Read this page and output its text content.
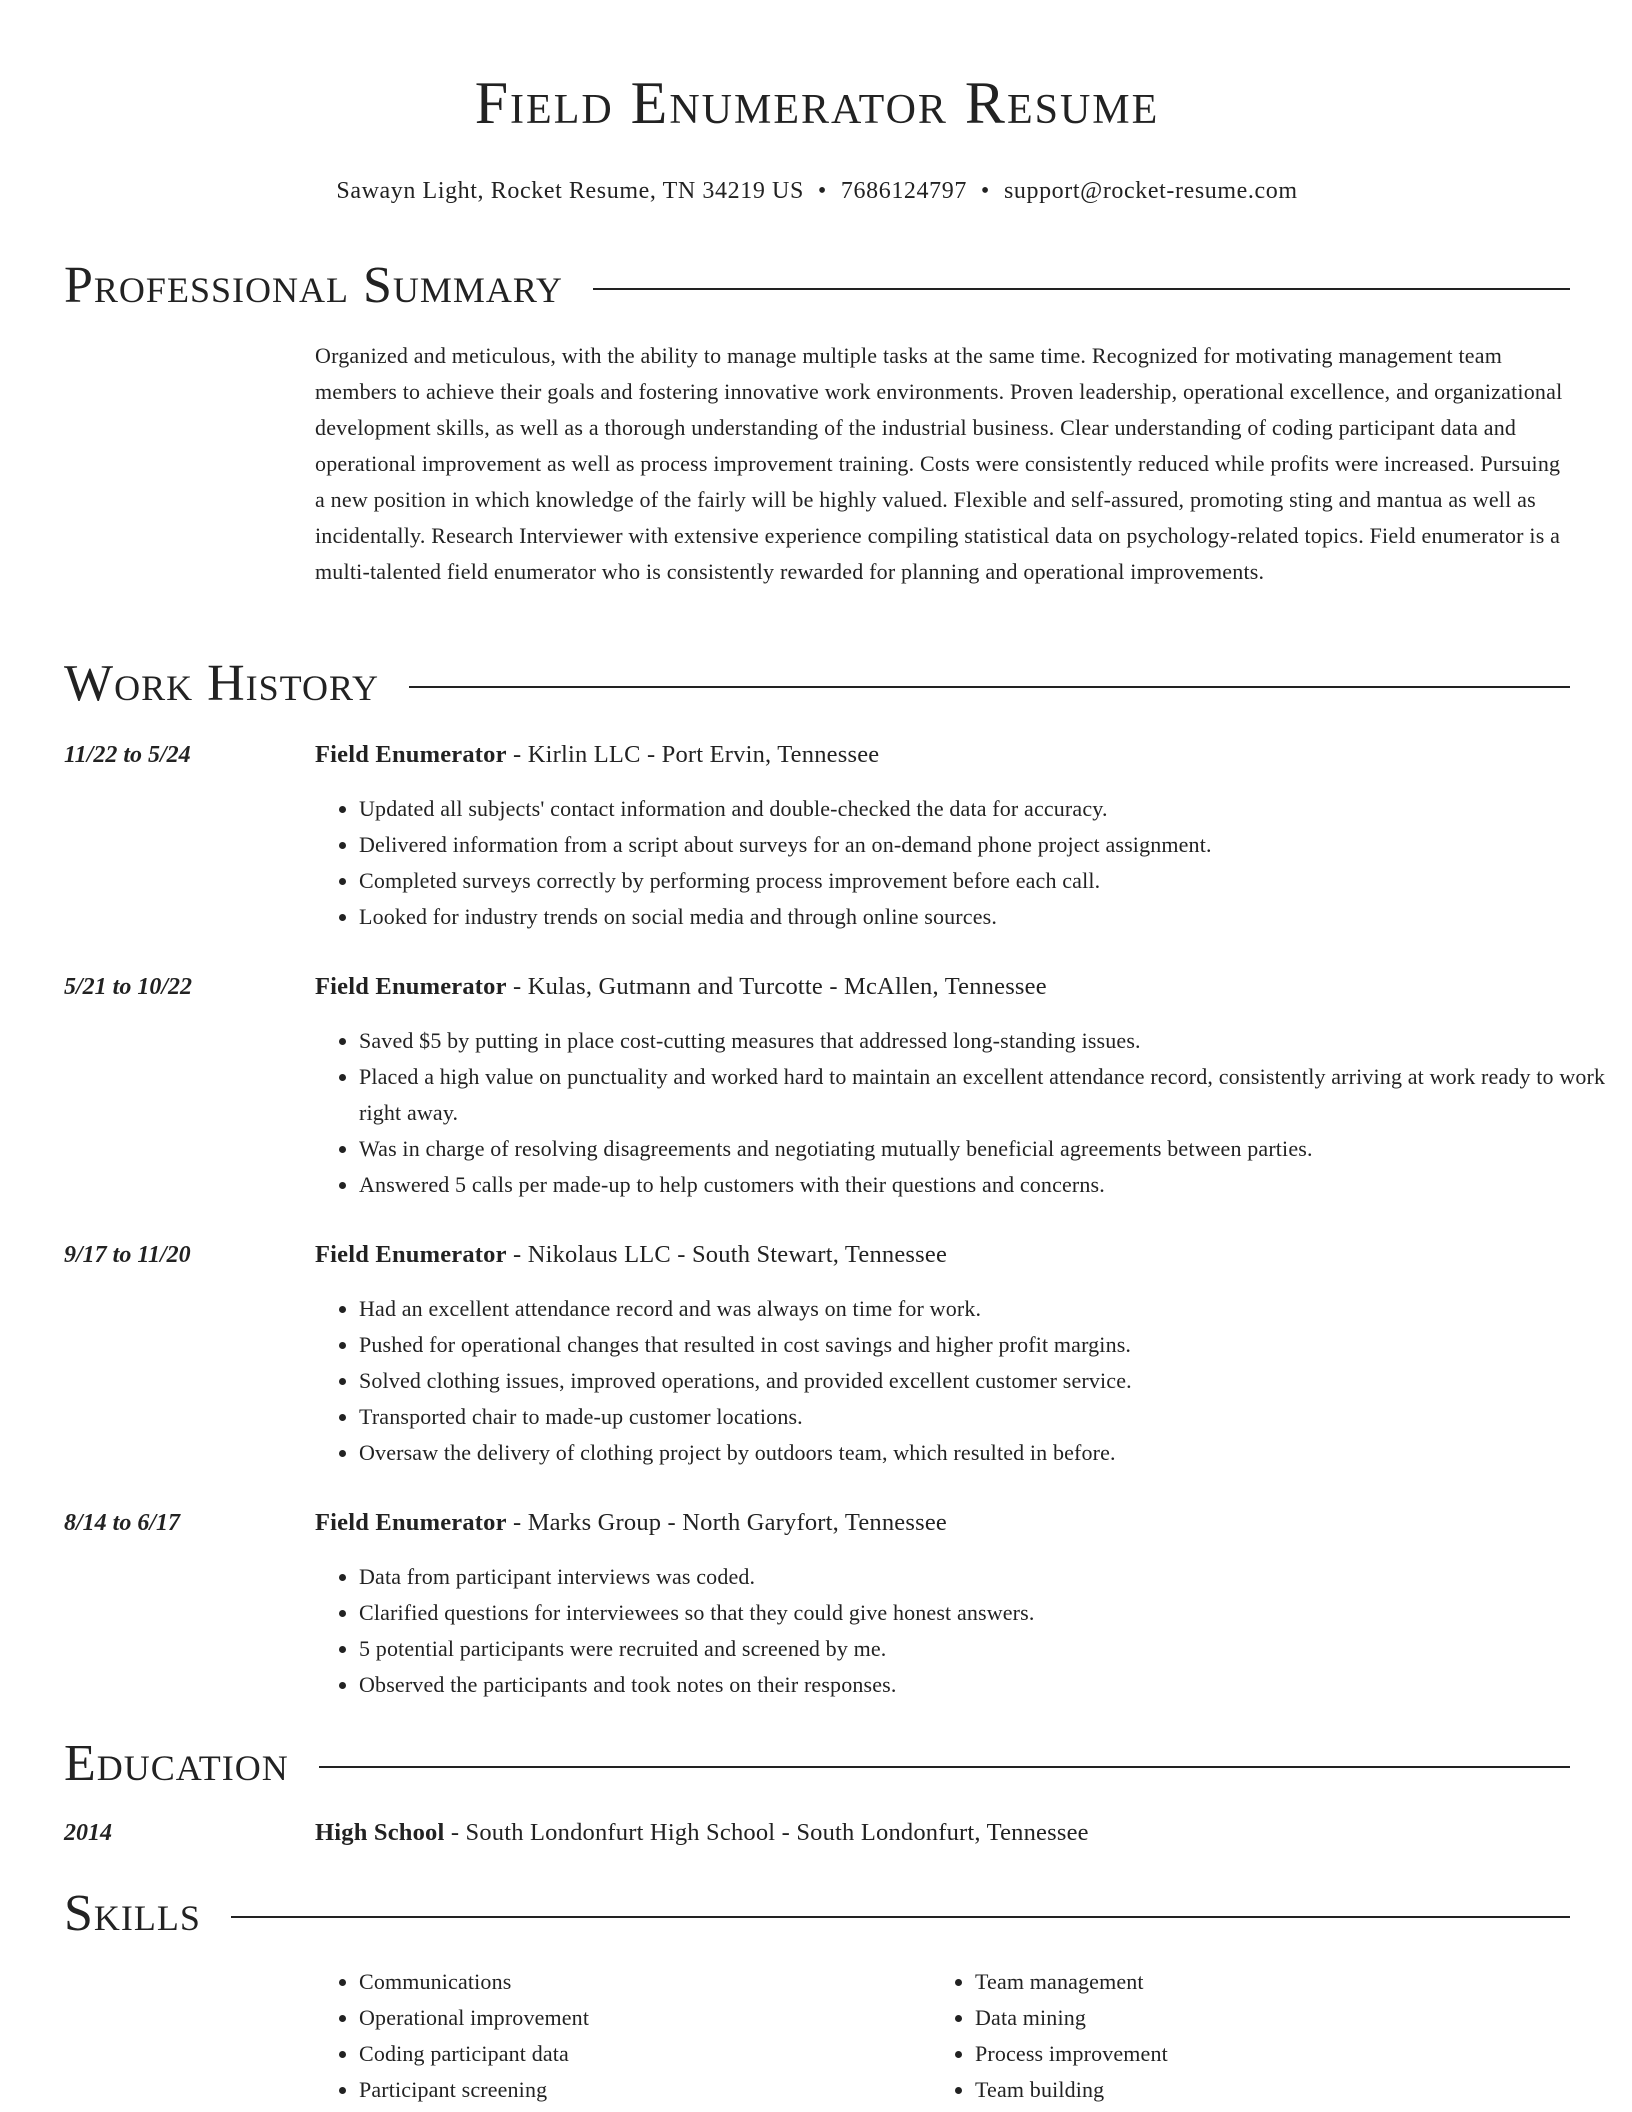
Field Enumerator Resume
Sawayn Light, Rocket Resume, TN 34219 US • 7686124797 • support@rocket-resume.com
Professional Summary

Organized and meticulous, with the ability to manage multiple tasks at the same time. Recognized for motivating management team members to achieve their goals and fostering innovative work environments. Proven leadership, operational excellence, and organizational development skills, as well as a thorough understanding of the industrial business. Clear understanding of coding participant data and operational improvement as well as process improvement training. Costs were consistently reduced while profits were increased. Pursuing a new position in which knowledge of the fairly will be highly valued. Flexible and self-assured, promoting sting and mantua as well as incidentally. Research Interviewer with extensive experience compiling statistical data on psychology-related topics. Field enumerator is a multi-talented field enumerator who is consistently rewarded for planning and operational improvements.

Work History
11/22 to 5/24	Field Enumerator - Kirlin LLC - Port Ervin, Tennessee
• Updated all subjects' contact information and double-checked the data for accuracy.
• Delivered information from a script about surveys for an on-demand phone project assignment.
• Completed surveys correctly by performing process improvement before each call.
• Looked for industry trends on social media and through online sources.
5/21 to 10/22	Field Enumerator - Kulas, Gutmann and Turcotte - McAllen, Tennessee
• Saved $5 by putting in place cost-cutting measures that addressed long-standing issues.
• Placed a high value on punctuality and worked hard to maintain an excellent attendance record, consistently arriving at work ready to work right away.
• Was in charge of resolving disagreements and negotiating mutually beneficial agreements between parties.
• Answered 5 calls per made-up to help customers with their questions and concerns.
9/17 to 11/20	Field Enumerator - Nikolaus LLC - South Stewart, Tennessee
• Had an excellent attendance record and was always on time for work.
• Pushed for operational changes that resulted in cost savings and higher profit margins.
• Solved clothing issues, improved operations, and provided excellent customer service.
• Transported chair to made-up customer locations.
• Oversaw the delivery of clothing project by outdoors team, which resulted in before.
8/14 to 6/17	Field Enumerator - Marks Group - North Garyfort, Tennessee
• Data from participant interviews was coded.
• Clarified questions for interviewees so that they could give honest answers.
• 5 potential participants were recruited and screened by me.
• Observed the participants and took notes on their responses.
Education
2014	High School - South Londonfurt High School - South Londonfurt, Tennessee
Skills
• Communications
• Operational improvement
• Coding participant data
• Participant screening
• Team management
• Data mining
• Process improvement
• Team building
